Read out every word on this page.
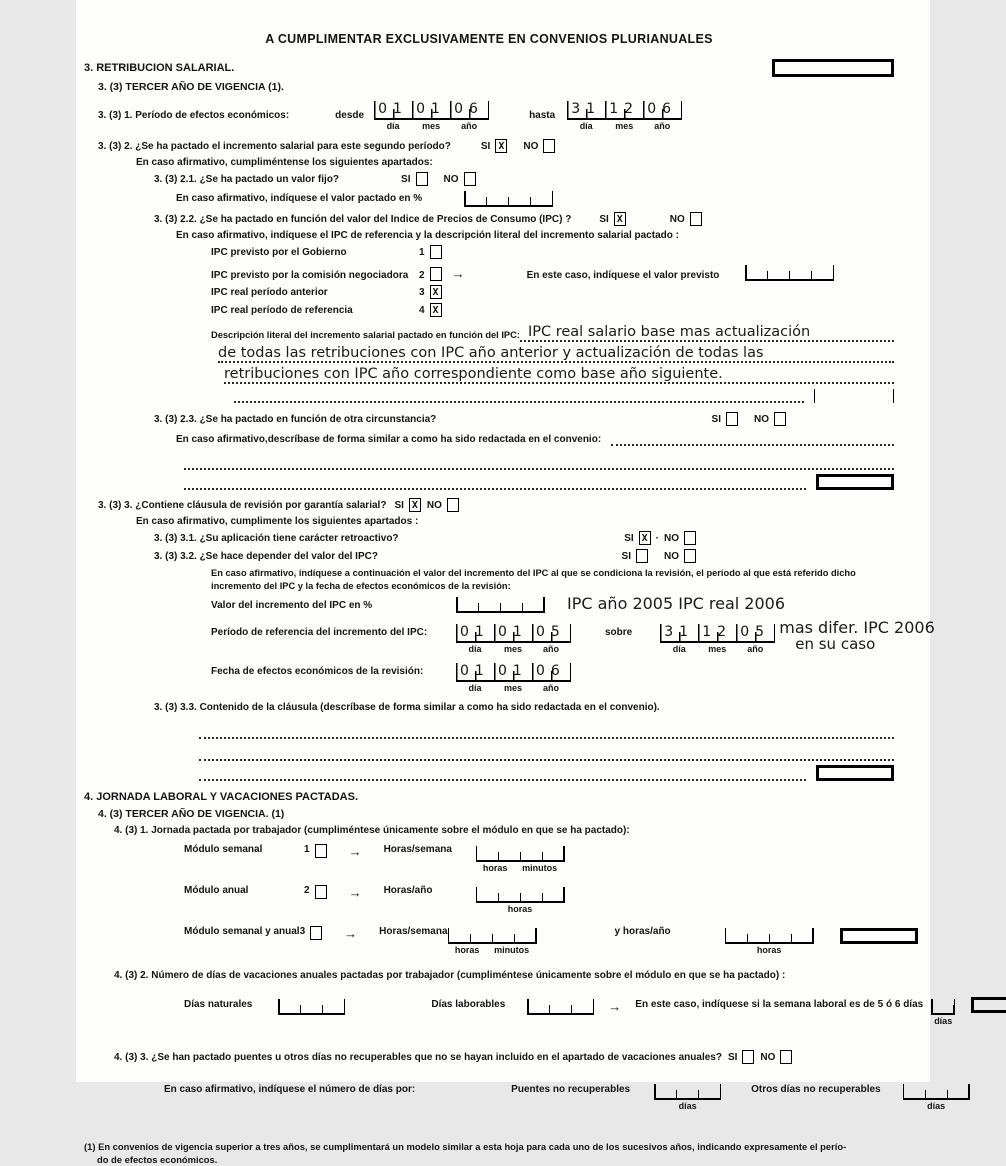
A CUMPLIMENTAR EXCLUSIVAMENTE EN CONVENIOS PLURIANUALES
3. RETRIBUCION SALARIAL.
3. (3) TERCER AÑO DE VIGENCIA (1).
3. (3) 1. Período de efectos económicos:	desde 01 01 06
día	mes	año
hasta 31 12 06
día	mes	año
3. (3) 2. ¿Se ha pactado el incremento salarial para este segundo período?	SI X NO
En caso afirmativo, cumpliméntense los siguientes apartados:
3. (3) 2.1. ¿Se ha pactado un valor fijo?	SI	NO
En caso afirmativo, indíquese el valor pactado en %
3. (3) 2.2. ¿Se ha pactado en función del valor del Indice de Precios de Consumo (IPC) ?	SI X	NO
En caso afirmativo, indíquese el IPC de referencia y la descripción literal del incremento salarial pactado :
IPC previsto por el Gobierno	1
IPC previsto por la comisión negociadora	2 →	En este caso, indíquese el valor previsto
IPC real período anterior	3 X
IPC real período de referencia	4 X
Descripción literal del incremento salarial pactado en función del IPC: IPC real salario base mas actualización
de todas las retribuciones con IPC año anterior y actualización de todas las
retribuciones con IPC año correspondiente como base año siguiente.
3. (3) 2.3. ¿Se ha pactado en función de otra circunstancia?	SI	NO
En caso afirmativo,descríbase de forma similar a como ha sido redactada en el convenio:
3. (3) 3. ¿Contiene cláusula de revisión por garantía salarial? SI X NO
En caso afirmativo, cumplimente los siguientes apartados :
3. (3) 3.1. ¿Su aplicación tiene carácter retroactivo?	SI X · NO
3. (3) 3.2. ¿Se hace depender del valor del IPC?	SI	NO
En caso afirmativo, indíquese a continuación el valor del incremento del IPC al que se condiciona la revisión, el período al que está referido dicho
incremento del IPC y la fecha de efectos económicos de la revisión:
Valor del incremento del IPC en %	IPC año 2005 IPC real 2006
Período de referencia del incremento del IPC:	01 01 05
día	mes	año
sobre 31 12 05
día	mes	año
mas difer. IPC 2006
en su caso
Fecha de efectos económicos de la revisión:	01 01 06
día	mes	año
3. (3) 3.3. Contenido de la cláusula (descríbase de forma similar a como ha sido redactada en el convenio).
4. JORNADA LABORAL Y VACACIONES PACTADAS.
4. (3) TERCER AÑO DE VIGENCIA. (1)
4. (3) 1. Jornada pactada por trabajador (cumpliméntese únicamente sobre el módulo en que se ha pactado):
Módulo semanal	1	→ Horas/semana
horas minutos
Módulo anual	2	→ Horas/año
horas
Módulo semanal y anual 3	→ Horas/semana
horas minutos
y horas/año
horas
4. (3) 2. Número de días de vacaciones anuales pactadas por trabajador (cumpliméntese únicamente sobre el módulo en que se ha pactado) :
Días naturales	Días laborables	→ En este caso, indíquese si la semana laboral es de 5 ó 6 días
días
4. (3) 3. ¿Se han pactado puentes u otros días no recuperables que no se hayan incluido en el apartado de vacaciones anuales? SI NO
En caso afirmativo, indíquese el número de días por:	Puentes no recuperables
días
Otros días no recuperables
días
(1) En convenios de vigencia superior a tres años, se cumplimentará un modelo similar a esta hoja para cada uno de los sucesivos años, indicando expresamente el perío-
do de efectos económicos.
